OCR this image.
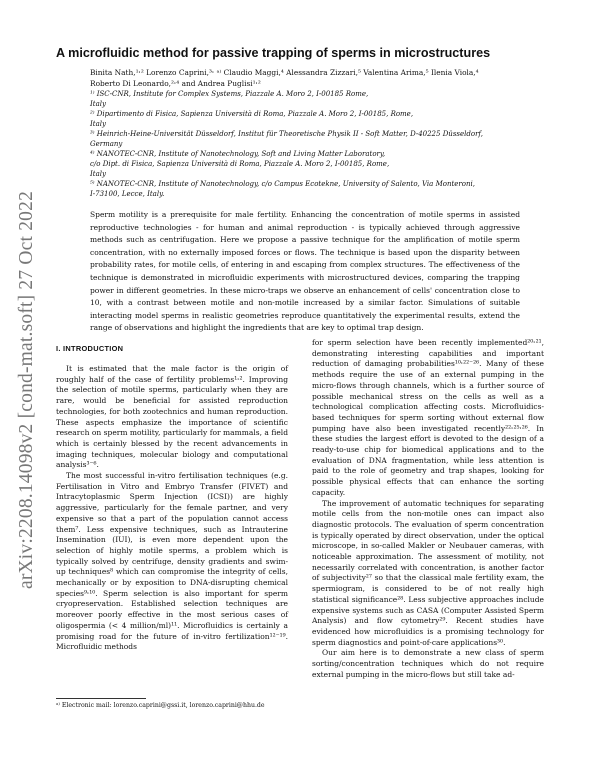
arXiv:2208.14098v2 [cond-mat.soft] 27 Oct 2022
A microfluidic method for passive trapping of sperms in microstructures
Binita Nath,¹˒² Lorenzo Caprini,³˒ ᵃ⁾ Claudio Maggi,⁴ Alessandra Zizzari,⁵ Valentina Arima,⁵ Ilenia Viola,⁴
Roberto Di Leonardo,²˒⁴ and Andrea Puglisi¹˒²
¹⁾ ISC-CNR, Institute for Complex Systems, Piazzale A. Moro 2, I-00185 Rome,
Italy
²⁾ Dipartimento di Fisica, Sapienza Università di Roma, Piazzale A. Moro 2, I-00185, Rome,
Italy
³⁾ Heinrich-Heine-Universität Düsseldorf, Institut für Theoretische Physik II - Soft Matter, D-40225 Düsseldorf,
Germany
⁴⁾ NANOTEC-CNR, Institute of Nanotechnology, Soft and Living Matter Laboratory,
c/o Dipt. di Fisica, Sapienza Università di Roma, Piazzale A. Moro 2, I-00185, Rome,
Italy
⁵⁾ NANOTEC-CNR, Institute of Nanotechnology, c/o Campus Ecotekne, University of Salento, Via Monteroni,
I-73100, Lecce, Italy.
Sperm motility is a prerequisite for male fertility. Enhancing the concentration of motile sperms in assisted reproductive technologies - for human and animal reproduction - is typically achieved through aggressive methods such as centrifugation. Here we propose a passive technique for the amplification of motile sperm concentration, with no externally imposed forces or flows. The technique is based upon the disparity between probability rates, for motile cells, of entering in and escaping from complex structures. The effectiveness of the technique is demonstrated in microfluidic experiments with microstructured devices, comparing the trapping power in different geometries. In these micro-traps we observe an enhancement of cells' concentration close to 10, with a contrast between motile and non-motile increased by a similar factor. Simulations of suitable interacting model sperms in realistic geometries reproduce quantitatively the experimental results, extend the range of observations and highlight the ingredients that are key to optimal trap design.
I. INTRODUCTION

It is estimated that the male factor is the origin of roughly half of the case of fertility problems¹˒². Improving the selection of motile sperms, particularly when they are rare, would be beneficial for assisted reproduction technologies, for both zootechnics and human reproduction. These aspects emphasize the importance of scientific research on sperm motility, particularly for mammals, a field which is certainly blessed by the recent advancements in imaging techniques, molecular biology and computational analysis³⁻⁶.

The most successful in-vitro fertilisation techniques (e.g. Fertilisation in Vitro and Embryo Transfer (FIVET) and Intracytoplasmic Sperm Injection (ICSI)) are highly aggressive, particularly for the female partner, and very expensive so that a part of the population cannot access them⁷. Less expensive techniques, such as Intrauterine Insemination (IUI), is even more dependent upon the selection of highly motile sperms, a problem which is typically solved by centrifuge, density gradients and swim-up techniques⁸ which can compromise the integrity of cells, mechanically or by exposition to DNA-disrupting chemical species⁹˒¹⁰. Sperm selection is also important for sperm cryopreservation. Established selection techniques are moreover poorly effective in the most serious cases of oligospermia (< 4 million/ml)¹¹. Microfluidics is certainly a promising road for the future of in-vitro fertilization¹²⁻¹⁹. Microfluidic methods

for sperm selection have been recently implemented²⁰˒²¹, demonstrating interesting capabilities and important reduction of damaging probabilities¹⁰˒²²⁻²⁶. Many of these methods require the use of an external pumping in the micro-flows through channels, which is a further source of possible mechanical stress on the cells as well as a technological complication affecting costs. Microfluidics-based techniques for sperm sorting without external flow pumping have also been investigated recently²²˒²⁵˒²⁶. In these studies the largest effort is devoted to the design of a ready-to-use chip for biomedical applications and to the evaluation of DNA fragmentation, while less attention is paid to the role of geometry and trap shapes, looking for possible physical effects that can enhance the sorting capacity.

The improvement of automatic techniques for separating motile cells from the non-motile ones can impact also diagnostic protocols. The evaluation of sperm concentration is typically operated by direct observation, under the optical microscope, in so-called Makler or Neubauer cameras, with noticeable approximation. The assessment of motility, not necessarily correlated with concentration, is another factor of subjectivity²⁷ so that the classical male fertility exam, the spermiogram, is considered to be of not really high statistical significance²⁸. Less subjective approaches include expensive systems such as CASA (Computer Assisted Sperm Analysis) and flow cytometry²⁹. Recent studies have evidenced how microfluidics is a promising technology for sperm diagnostics and point-of-care applications³⁰.

Our aim here is to demonstrate a new class of sperm sorting/concentration techniques which do not require external pumping in the micro-flows but still take ad-

ᵃ⁾ Electronic mail: lorenzo.caprini@gssi.it, lorenzo.caprini@hhu.de
